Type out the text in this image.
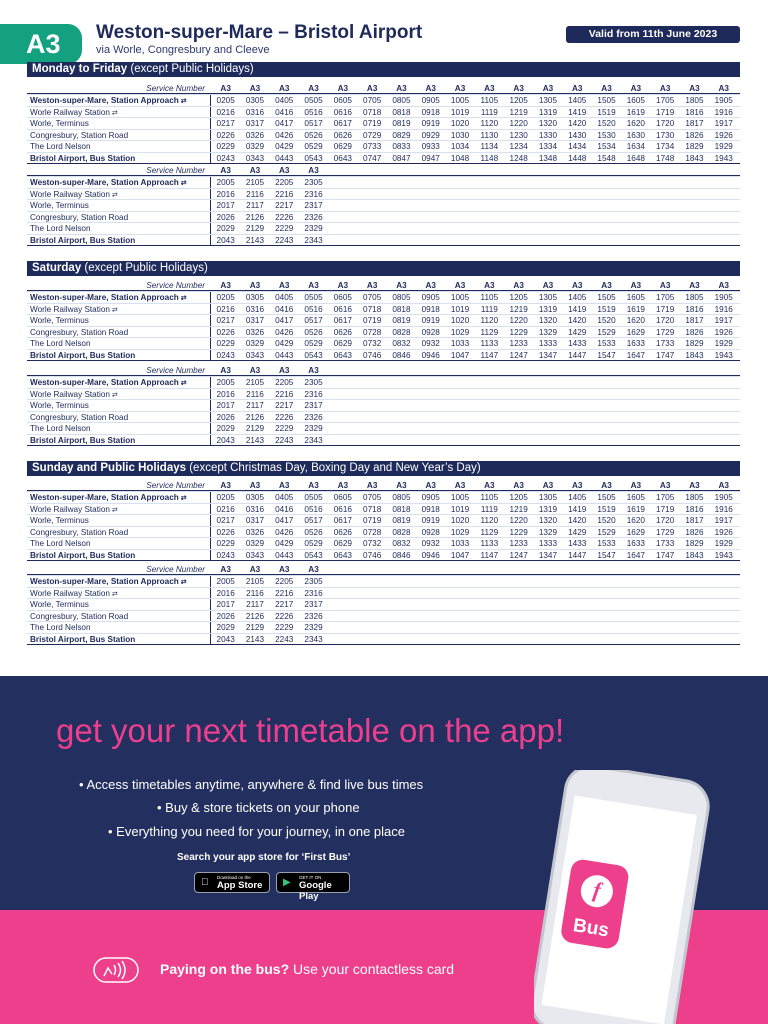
A3	Weston-super-Mare – Bristol Airport
via Worle, Congresbury and Cleeve
Valid from 11th June 2023
Monday to Friday (except Public Holidays)
Service Number	A3	A3	A3	A3	A3	A3	A3	A3	A3	A3	A3	A3	A3	A3	A3	A3	A3	A3
Weston-super-Mare, Station Approach ⇄	0205	0305	0405	0505	0605	0705	0805	0905	1005	1105	1205	1305	1405	1505	1605	1705	1805	1905
Worle Railway Station ⇄	0216	0316	0416	0516	0616	0718	0818	0918	1019	1119	1219	1319	1419	1519	1619	1719	1816	1916
Worle, Terminus	0217	0317	0417	0517	0617	0719	0819	0919	1020	1120	1220	1320	1420	1520	1620	1720	1817	1917
Congresbury, Station Road	0226	0326	0426	0526	0626	0729	0829	0929	1030	1130	1230	1330	1430	1530	1630	1730	1826	1926
The Lord Nelson	0229	0329	0429	0529	0629	0733	0833	0933	1034	1134	1234	1334	1434	1534	1634	1734	1829	1929
Bristol Airport, Bus Station	0243	0343	0443	0543	0643	0747	0847	0947	1048	1148	1248	1348	1448	1548	1648	1748	1843	1943
Service Number	A3	A3	A3	A3
Weston-super-Mare, Station Approach ⇄	2005	2105	2205	2305
Worle Railway Station ⇄	2016	2116	2216	2316
Worle, Terminus	2017	2117	2217	2317
Congresbury, Station Road	2026	2126	2226	2326
The Lord Nelson	2029	2129	2229	2329
Bristol Airport, Bus Station	2043	2143	2243	2343
Saturday (except Public Holidays)
Service Number	A3	A3	A3	A3	A3	A3	A3	A3	A3	A3	A3	A3	A3	A3	A3	A3	A3	A3
Weston-super-Mare, Station Approach ⇄	0205	0305	0405	0505	0605	0705	0805	0905	1005	1105	1205	1305	1405	1505	1605	1705	1805	1905
Worle Railway Station ⇄	0216	0316	0416	0516	0616	0718	0818	0918	1019	1119	1219	1319	1419	1519	1619	1719	1816	1916
Worle, Terminus	0217	0317	0417	0517	0617	0719	0819	0919	1020	1120	1220	1320	1420	1520	1620	1720	1817	1917
Congresbury, Station Road	0226	0326	0426	0526	0626	0728	0828	0928	1029	1129	1229	1329	1429	1529	1629	1729	1826	1926
The Lord Nelson	0229	0329	0429	0529	0629	0732	0832	0932	1033	1133	1233	1333	1433	1533	1633	1733	1829	1929
Bristol Airport, Bus Station	0243	0343	0443	0543	0643	0746	0846	0946	1047	1147	1247	1347	1447	1547	1647	1747	1843	1943
Service Number	A3	A3	A3	A3
Weston-super-Mare, Station Approach ⇄	2005	2105	2205	2305
Worle Railway Station ⇄	2016	2116	2216	2316
Worle, Terminus	2017	2117	2217	2317
Congresbury, Station Road	2026	2126	2226	2326
The Lord Nelson	2029	2129	2229	2329
Bristol Airport, Bus Station	2043	2143	2243	2343
Sunday and Public Holidays (except Christmas Day, Boxing Day and New Year’s Day)
Service Number	A3	A3	A3	A3	A3	A3	A3	A3	A3	A3	A3	A3	A3	A3	A3	A3	A3	A3
Weston-super-Mare, Station Approach ⇄	0205	0305	0405	0505	0605	0705	0805	0905	1005	1105	1205	1305	1405	1505	1605	1705	1805	1905
Worle Railway Station ⇄	0216	0316	0416	0516	0616	0718	0818	0918	1019	1119	1219	1319	1419	1519	1619	1719	1816	1916
Worle, Terminus	0217	0317	0417	0517	0617	0719	0819	0919	1020	1120	1220	1320	1420	1520	1620	1720	1817	1917
Congresbury, Station Road	0226	0326	0426	0526	0626	0728	0828	0928	1029	1129	1229	1329	1429	1529	1629	1729	1826	1926
The Lord Nelson	0229	0329	0429	0529	0629	0732	0832	0932	1033	1133	1233	1333	1433	1533	1633	1733	1829	1929
Bristol Airport, Bus Station	0243	0343	0443	0543	0643	0746	0846	0946	1047	1147	1247	1347	1447	1547	1647	1747	1843	1943
Service Number	A3	A3	A3	A3
Weston-super-Mare, Station Approach ⇄	2005	2105	2205	2305
Worle Railway Station ⇄	2016	2116	2216	2316
Worle, Terminus	2017	2117	2217	2317
Congresbury, Station Road	2026	2126	2226	2326
The Lord Nelson	2029	2129	2229	2329
Bristol Airport, Bus Station	2043	2143	2243	2343
get your next timetable on the app!
• Access timetables anytime, anywhere & find live bus times
• Buy & store tickets on your phone
• Everything you need for your journey, in one place
Search your app store for ‘First Bus’
Download on the
App Store ▶ GET IT ON
Google Play
Paying on the bus? Use your contactless card
f
Bus
